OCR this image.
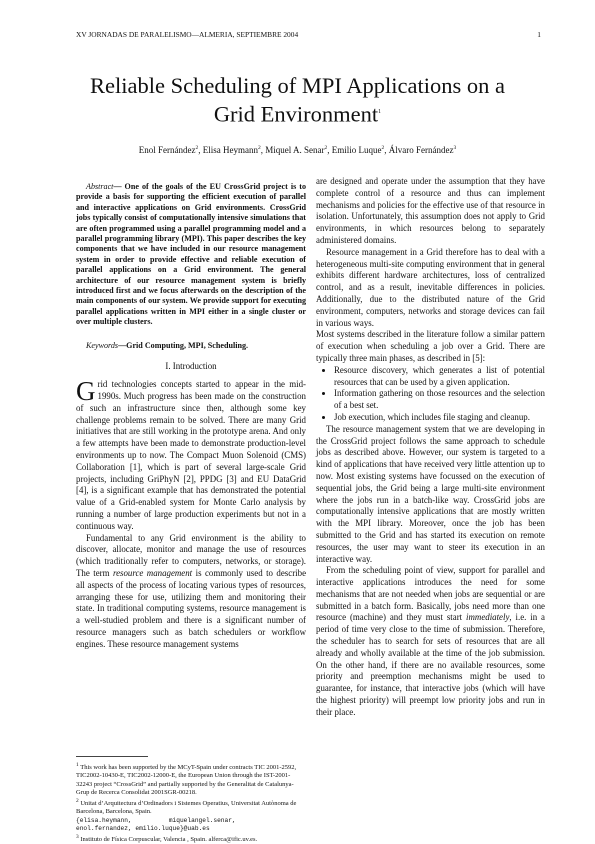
XV JORNADAS DE PARALELISMO—ALMERIA, SEPTIEMBRE 2004	1
Reliable Scheduling of MPI Applications on a
Grid Environment$^1$
Enol Fernández$^2$, Elisa Heymann$^2$, Miquel A. Senar$^2$, Emilio Luque$^2$, Álvaro Fernández$^3$

Abstract— One of the goals of the EU CrossGrid project is to provide a basis for supporting the efficient execution of parallel and interactive applications on Grid environments. CrossGrid jobs typically consist of computationally intensive simulations that are often programmed using a parallel programming model and a parallel programming library (MPI). This paper describes the key components that we have included in our resource management system in order to provide effective and reliable execution of parallel applications on a Grid environment. The general architecture of our resource management system is briefly introduced first and we focus afterwards on the description of the main components of our system. We provide support for executing parallel applications written in MPI either in a single cluster or over multiple clusters.

Keywords—Grid Computing, MPI, Scheduling.

I. Introduction

Grid technologies concepts started to appear in the mid-1990s. Much progress has been made on the construction of such an infrastructure since then, although some key challenge problems remain to be solved. There are many Grid initiatives that are still working in the prototype arena. And only a few attempts have been made to demonstrate production-level environments up to now. The Compact Muon Solenoid (CMS) Collaboration [1], which is part of several large-scale Grid projects, including GriPhyN [2], PPDG [3] and EU DataGrid [4], is a significant example that has demonstrated the potential value of a Grid-enabled system for Monte Carlo analysis by running a number of large production experiments but not in a continuous way.

Fundamental to any Grid environment is the ability to discover, allocate, monitor and manage the use of resources (which traditionally refer to computers, networks, or storage). The term resource management is commonly used to describe all aspects of the process of locating various types of resources, arranging these for use, utilizing them and monitoring their state. In traditional computing systems, resource management is a well-studied problem and there is a significant number of resource managers such as batch schedulers or workflow engines. These resource management systems

$^1$ This work has been supported by the MCyT-Spain under contracts TIC 2001-2592, TIC2002-10430-E, TIC2002-12000-E, the European Union through the IST-2001-32243 project “CrossGrid” and partially supported by the Generalitat de Catalunya- Grup de Recerca Consolidat 2001SGR-00218.

$^2$ Unitat d’Arquitectura d’Ordinadors i Sistemes Operatius, Universitat Autònoma de Barcelona, Barcelona, Spain.

{elisa.heymann,          miquelangel.senar,

enol.fernandez, emilio.luque}@uab.es

$^3$ Instituto de Física Corpuscular, Valencia , Spain. alferca@ific.uv.es.

are designed and operate under the assumption that they have complete control of a resource and thus can implement mechanisms and policies for the effective use of that resource in isolation. Unfortunately, this assumption does not apply to Grid environments, in which resources belong to separately administered domains.

Resource management in a Grid therefore has to deal with a heterogeneous multi-site computing environment that in general exhibits different hardware architectures, loss of centralized control, and as a result, inevitable differences in policies. Additionally, due to the distributed nature of the Grid environment, computers, networks and storage devices can fail in various ways.

Most systems described in the literature follow a similar pattern of execution when scheduling a job over a Grid. There are typically three main phases, as described in [5]:

• Resource discovery, which generates a list of potential resources that can be used by a given application.
• Information gathering on those resources and the selection of a best set.
• Job execution, which includes file staging and cleanup.

The resource management system that we are developing in the CrossGrid project follows the same approach to schedule jobs as described above. However, our system is targeted to a kind of applications that have received very little attention up to now. Most existing systems have focussed on the execution of sequential jobs, the Grid being a large multi-site environment where the jobs run in a batch-like way. CrossGrid jobs are computationally intensive applications that are mostly written with the MPI library. Moreover, once the job has been submitted to the Grid and has started its execution on remote resources, the user may want to steer its execution in an interactive way.

From the scheduling point of view, support for parallel and interactive applications introduces the need for some mechanisms that are not needed when jobs are sequential or are submitted in a batch form. Basically, jobs need more than one resource (machine) and they must start immediately, i.e. in a period of time very close to the time of submission. Therefore, the scheduler has to search for sets of resources that are all already and wholly available at the time of the job submission. On the other hand, if there are no available resources, some priority and preemption mechanisms might be used to guarantee, for instance, that interactive jobs (which will have the highest priority) will preempt low priority jobs and run in their place.
